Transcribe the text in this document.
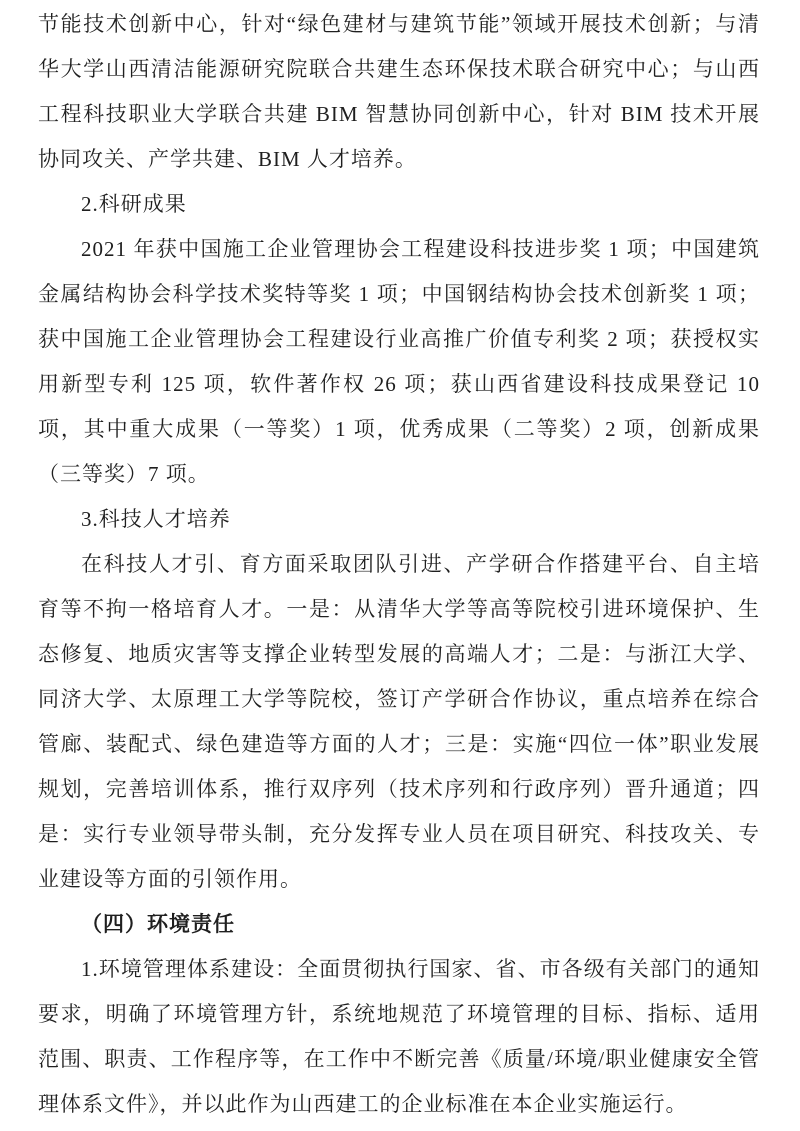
节能技术创新中心，针对“绿色建材与建筑节能”领域开展技术创新；与清华大学山西清洁能源研究院联合共建生态环保技术联合研究中心；与山西工程科技职业大学联合共建 BIM 智慧协同创新中心，针对 BIM 技术开展协同攻关、产学共建、BIM 人才培养。

2.科研成果

2021 年获中国施工企业管理协会工程建设科技进步奖 1 项；中国建筑金属结构协会科学技术奖特等奖 1 项；中国钢结构协会技术创新奖 1 项；获中国施工企业管理协会工程建设行业高推广价值专利奖 2 项；获授权实用新型专利 125 项，软件著作权 26 项；获山西省建设科技成果登记 10 项，其中重大成果（一等奖）1 项，优秀成果（二等奖）2 项，创新成果（三等奖）7 项。

3.科技人才培养

在科技人才引、育方面采取团队引进、产学研合作搭建平台、自主培育等不拘一格培育人才。一是：从清华大学等高等院校引进环境保护、生态修复、地质灾害等支撑企业转型发展的高端人才；二是：与浙江大学、同济大学、太原理工大学等院校，签订产学研合作协议，重点培养在综合管廊、装配式、绿色建造等方面的人才；三是：实施“四位一体”职业发展规划，完善培训体系，推行双序列（技术序列和行政序列）晋升通道；四是：实行专业领导带头制，充分发挥专业人员在项目研究、科技攻关、专业建设等方面的引领作用。

（四）环境责任

1.环境管理体系建设：全面贯彻执行国家、省、市各级有关部门的通知要求，明确了环境管理方针，系统地规范了环境管理的目标、指标、适用范围、职责、工作程序等，在工作中不断完善《质量/环境/职业健康安全管理体系文件》，并以此作为山西建工的企业标准在本企业实施运行。
